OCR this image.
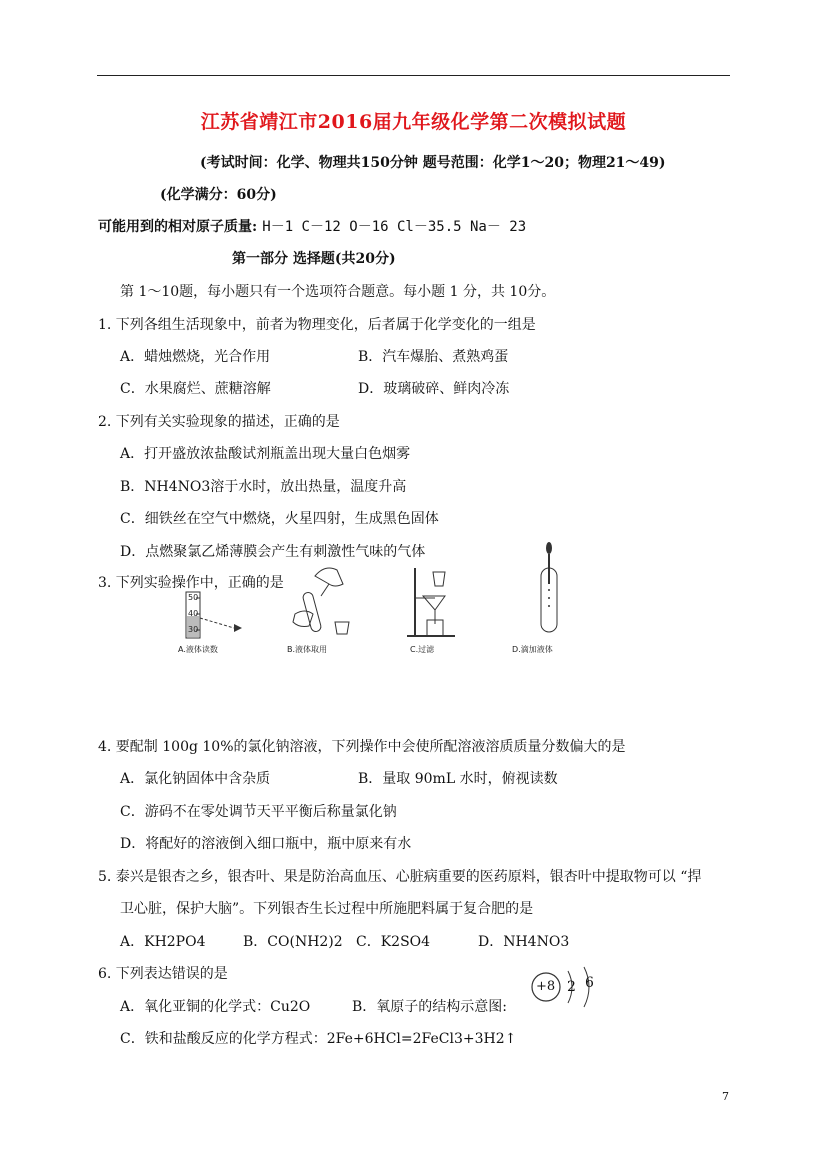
江苏省靖江市2016届九年级化学第二次模拟试题
(考试时间：化学、物理共150分钟 题号范围：化学1～20；物理21～49)
(化学满分：60分)
可能用到的相对原子质量: H－1 C－12 O－16 Cl－35.5 Na－ 23
第一部分 选择题(共20分)
第 1～10题，每小题只有一个选项符合题意。每小题 1 分，共 10分。
1. 下列各组生活现象中，前者为物理变化，后者属于化学变化的一组是
A．蜡烛燃烧，光合作用	B．汽车爆胎、煮熟鸡蛋
C．水果腐烂、蔗糖溶解	D．玻璃破碎、鲜肉冷冻
2. 下列有关实验现象的描述，正确的是
A．打开盛放浓盐酸试剂瓶盖出现大量白色烟雾
B．NH4NO3溶于水时，放出热量，温度升高
C．细铁丝在空气中燃烧，火星四射，生成黑色固体
D．点燃聚氯乙烯薄膜会产生有刺激性气味的气体
3. 下列实验操作中，正确的是
50
40
30
A.液体读数	B.液体取用	C.过滤	D.滴加液体
4. 要配制 100g 10%的氯化钠溶液，下列操作中会使所配溶液溶质质量分数偏大的是
A．氯化钠固体中含杂质	B．量取 90mL 水时，俯视读数
C．游码不在零处调节天平平衡后称量氯化钠
D．将配好的溶液倒入细口瓶中，瓶中原来有水
5. 泰兴是银杏之乡，银杏叶、果是防治高血压、心脏病重要的医药原料，银杏叶中提取物可以 “捍
卫心脏，保护大脑”。下列银杏生长过程中所施肥料属于复合肥的是
A．KH2PO4	B．CO(NH2)2 C．K2SO4	D．NH4NO3
6. 下列表达错误的是
A．氧化亚铜的化学式：Cu2O	B．氧原子的结构示意图:
+8 2 6
C．铁和盐酸反应的化学方程式：2Fe+6HCl=2FeCl3+3H2↑
7
